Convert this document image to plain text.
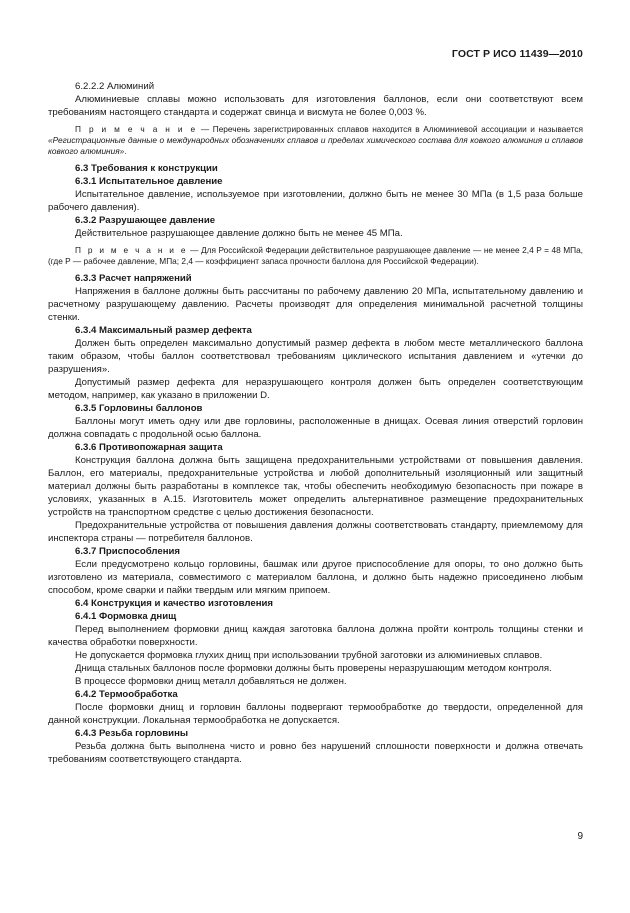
ГОСТ Р ИСО 11439—2010
6.2.2.2 Алюминий

Алюминиевые сплавы можно использовать для изготовления баллонов, если они соответствуют всем требованиям настоящего стандарта и содержат свинца и висмута не более 0,003 %.

П р и м е ч а н и е — Перечень зарегистрированных сплавов находится в Алюминиевой ассоциации и называется «Регистрационные данные о международных обозначениях сплавов и пределах химического состава для ковкого алюминия и сплавов ковкого алюминия».

6.3 Требования к конструкции
6.3.1 Испытательное давление

Испытательное давление, используемое при изготовлении, должно быть не менее 30 МПа (в 1,5 раза больше рабочего давления).

6.3.2 Разрушающее давление

Действительное разрушающее давление должно быть не менее 45 МПа.

П р и м е ч а н и е — Для Российской Федерации действительное разрушающее давление — не менее 2,4 P = 48 МПа, (где P — рабочее давление, МПа; 2,4 — коэффициент запаса прочности баллона для Российской Федерации).

6.3.3 Расчет напряжений

Напряжения в баллоне должны быть рассчитаны по рабочему давлению 20 МПа, испытательному давлению и расчетному разрушающему давлению. Расчеты производят для определения минимальной расчетной толщины стенки.

6.3.4 Максимальный размер дефекта

Должен быть определен максимально допустимый размер дефекта в любом месте металлического баллона таким образом, чтобы баллон соответствовал требованиям циклического испытания давлением и «утечки до разрушения».

Допустимый размер дефекта для неразрушающего контроля должен быть определен соответствующим методом, например, как указано в приложении D.

6.3.5 Горловины баллонов

Баллоны могут иметь одну или две горловины, расположенные в днищах. Осевая линия отверстий горловин должна совпадать с продольной осью баллона.

6.3.6 Противопожарная защита

Конструкция баллона должна быть защищена предохранительными устройствами от повышения давления. Баллон, его материалы, предохранительные устройства и любой дополнительный изоляционный или защитный материал должны быть разработаны в комплексе так, чтобы обеспечить необходимую безопасность при пожаре в условиях, указанных в А.15. Изготовитель может определить альтернативное размещение предохранительных устройств на транспортном средстве с целью достижения безопасности.

Предохранительные устройства от повышения давления должны соответствовать стандарту, приемлемому для инспектора страны — потребителя баллонов.

6.3.7 Приспособления

Если предусмотрено кольцо горловины, башмак или другое приспособление для опоры, то оно должно быть изготовлено из материала, совместимого с материалом баллона, и должно быть надежно присоединено любым способом, кроме сварки и пайки твердым или мягким припоем.

6.4 Конструкция и качество изготовления
6.4.1 Формовка днищ

Перед выполнением формовки днищ каждая заготовка баллона должна пройти контроль толщины стенки и качества обработки поверхности.

Не допускается формовка глухих днищ при использовании трубной заготовки из алюминиевых сплавов.

Днища стальных баллонов после формовки должны быть проверены неразрушающим методом контроля.

В процессе формовки днищ металл добавляться не должен.

6.4.2 Термообработка

После формовки днищ и горловин баллоны подвергают термообработке до твердости, определенной для данной конструкции. Локальная термообработка не допускается.

6.4.3 Резьба горловины

Резьба должна быть выполнена чисто и ровно без нарушений сплошности поверхности и должна отвечать требованиям соответствующего стандарта.

9
